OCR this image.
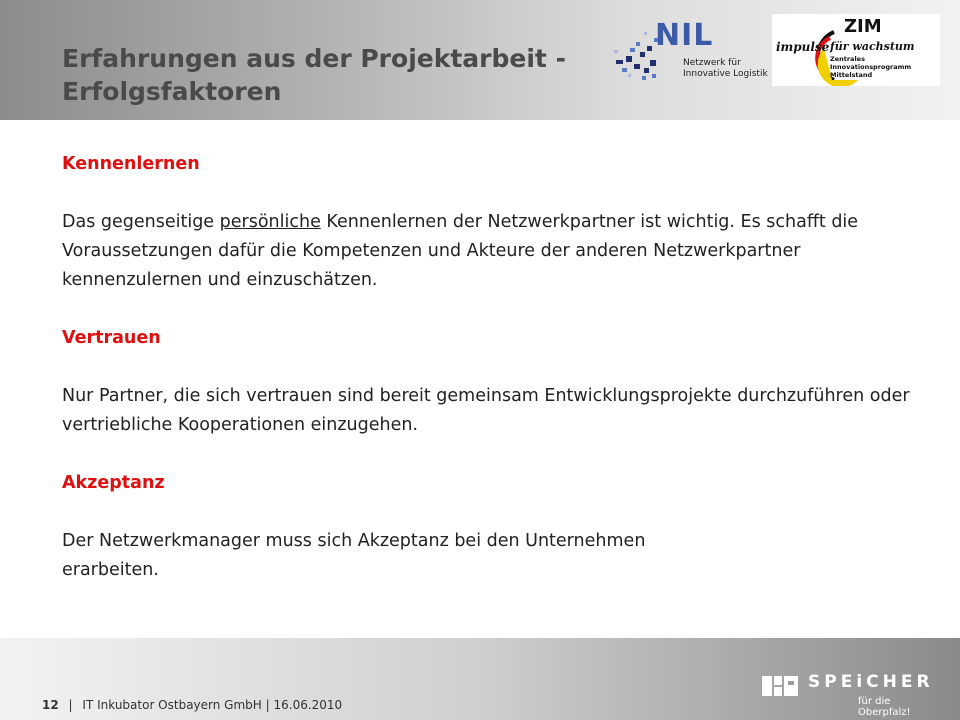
Erfahrungen aus der Projektarbeit -
Erfolgsfaktoren
NIL
Netzwerk für
Innovative Logistik
ZIM
impulse für wachstum
Zentrales Innovationsprogramm
Mittelstand

Kennenlernen

Das gegenseitige persönliche Kennenlernen der Netzwerkpartner ist wichtig. Es schafft die Voraussetzungen dafür die Kompetenzen und Akteure der anderen Netzwerkpartner kennenzulernen und einzuschätzen.

Vertrauen

Nur Partner, die sich vertrauen sind bereit gemeinsam Entwicklungsprojekte durchzuführen oder vertriebliche Kooperationen einzugehen.

Akzeptanz

Der Netzwerkmanager muss sich Akzeptanz bei den Unternehmen
erarbeiten.

12 | IT Inkubator Ostbayern GmbH | 16.06.2010
SPEiCHER
für die Oberpfalz!
